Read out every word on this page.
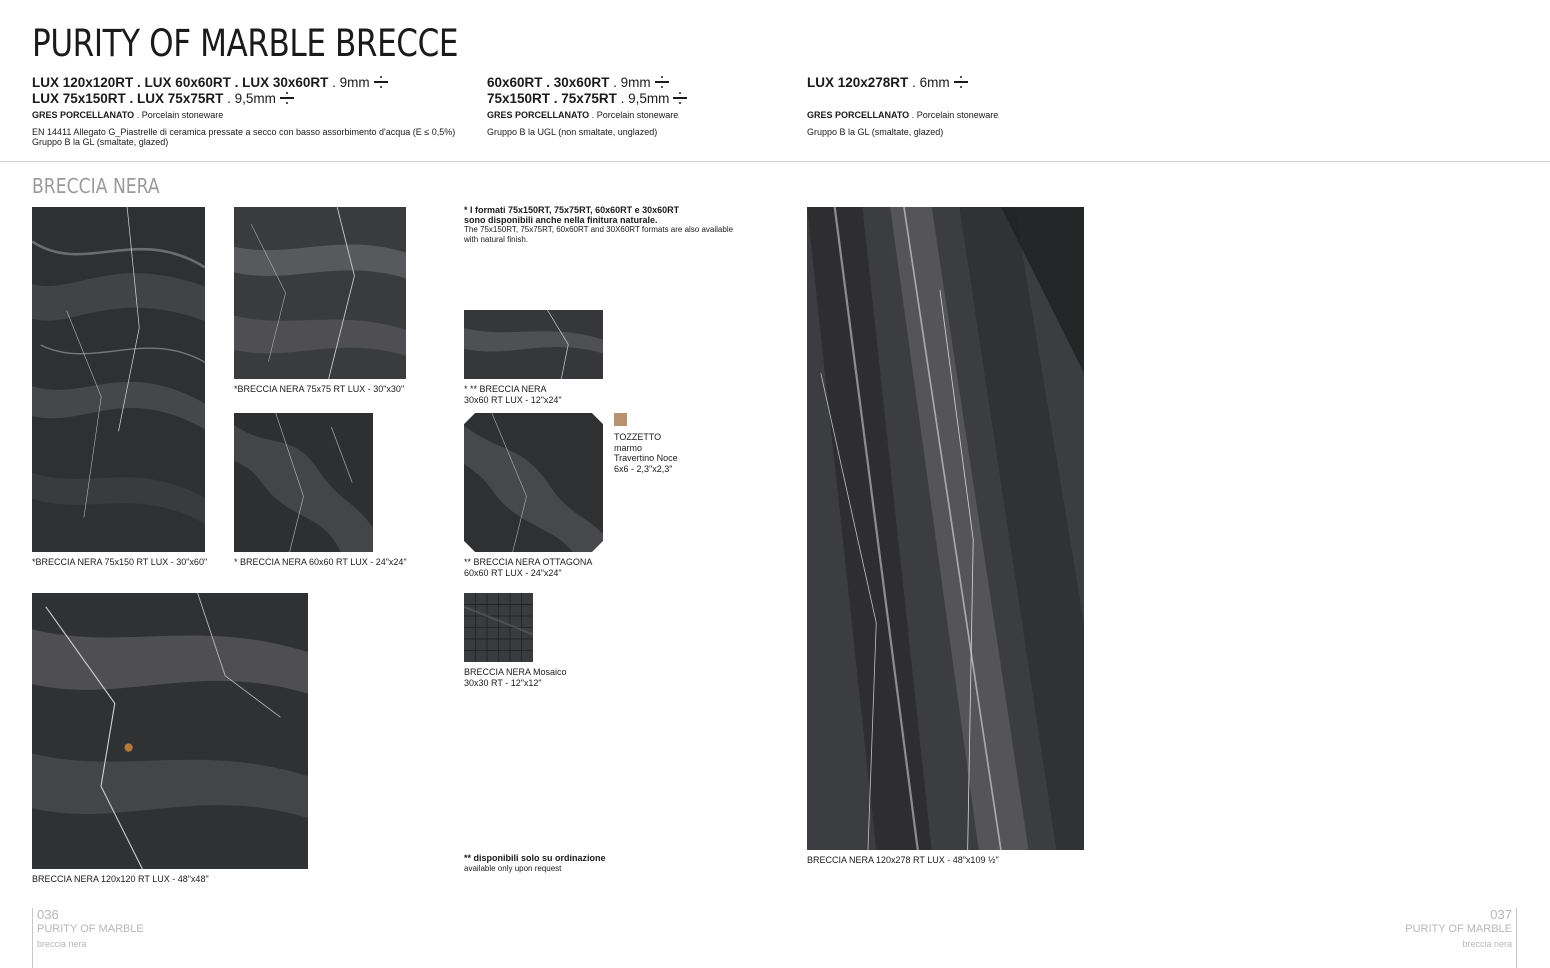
PURITY OF MARBLE BRECCE
LUX 120x120RT . LUX 60x60RT . LUX 30x60RT . 9mm
LUX 75x150RT . LUX 75x75RT . 9,5mm
GRES PORCELLANATO . Porcelain stoneware
EN 14411 Allegato G_Piastrelle di ceramica pressate a secco con basso assorbimento d'acqua (E ≤ 0,5%)
Gruppo B la GL (smaltate, glazed)
60x60RT . 30x60RT . 9mm
75x150RT . 75x75RT . 9,5mm
GRES PORCELLANATO . Porcelain stoneware
Gruppo B la UGL (non smaltate, unglazed)
LUX 120x278RT . 6mm
GRES PORCELLANATO . Porcelain stoneware
Gruppo B la GL (smaltate, glazed)
BRECCIA NERA
*BRECCIA NERA 75x150 RT LUX - 30"x60"
*BRECCIA NERA 75x75 RT LUX - 30"x30"
* BRECCIA NERA 60x60 RT LUX - 24"x24"
BRECCIA NERA 120x120 RT LUX - 48"x48"
* I formati 75x150RT, 75x75RT, 60x60RT e 30x60RT
sono disponibili anche nella finitura naturale.
The 75x150RT, 75x75RT, 60x60RT and 30X60RT formats are also available
with natural finish.
* ** BRECCIA NERA
30x60 RT LUX - 12"x24"
** BRECCIA NERA OTTAGONA
60x60 RT LUX - 24"x24"
TOZZETTO
marmo
Travertino Noce
6x6 - 2,3"x2,3"
BRECCIA NERA Mosaico
30x30 RT - 12"x12"
** disponibili solo su ordinazione
available only upon request
BRECCIA NERA 120x278 RT LUX - 48"x109 ½"
036
PURITY OF MARBLE
breccia nera
037
PURITY OF MARBLE
breccia nera
